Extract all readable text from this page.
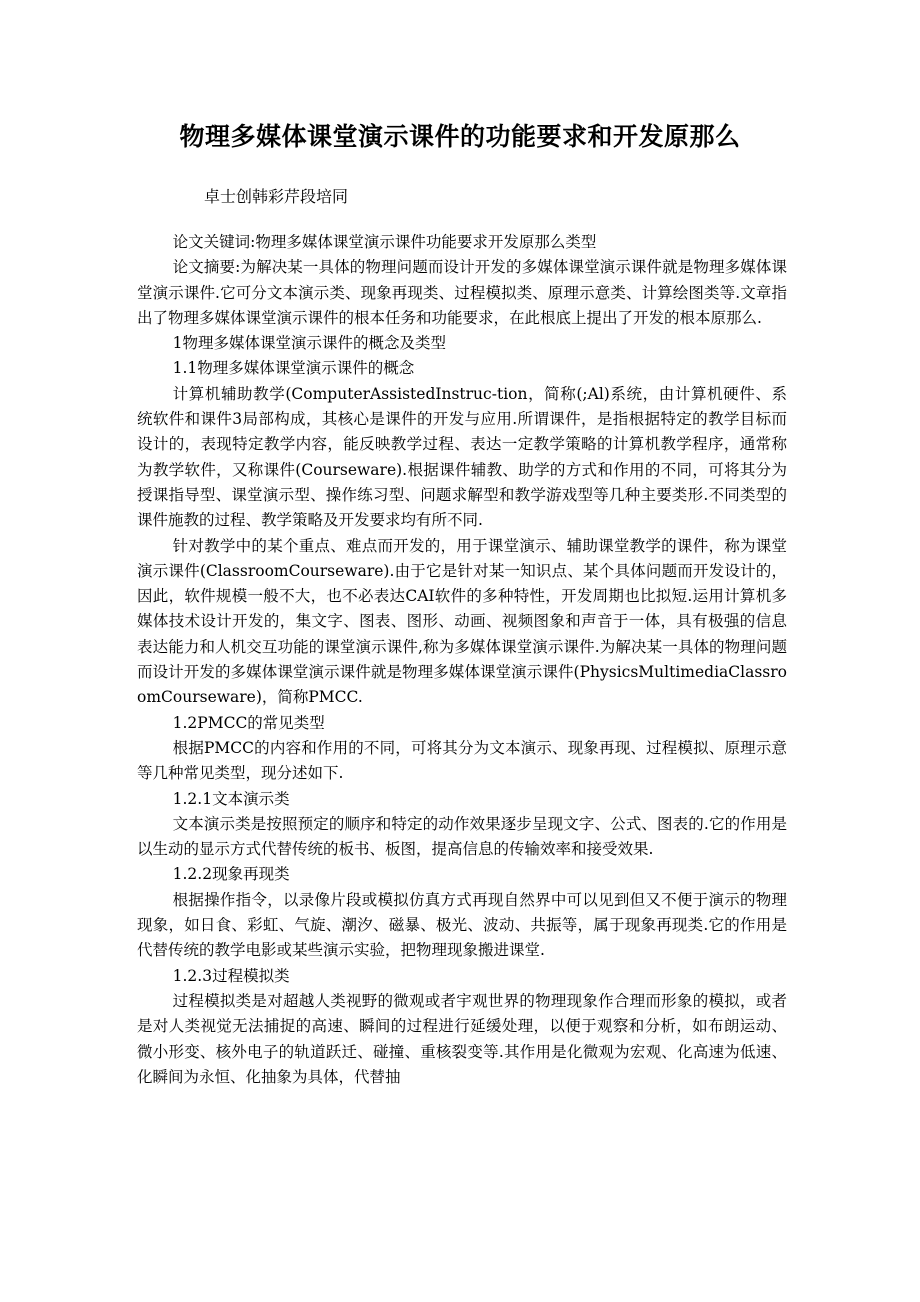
物理多媒体课堂演示课件的功能要求和开发原那么
卓士创韩彩芹段培同

论文关键词:物理多媒体课堂演示课件功能要求开发原那么类型

论文摘要:为解决某一具体的物理问题而设计开发的多媒体课堂演示课件就是物理多媒体课堂演示课件.它可分文本演示类、现象再现类、过程模拟类、原理示意类、计算绘图类等.文章指出了物理多媒体课堂演示课件的根本任务和功能要求，在此根底上提出了开发的根本原那么.

1物理多媒体课堂演示课件的概念及类型

1.1物理多媒体课堂演示课件的概念

计算机辅助教学(ComputerAssistedInstruc-tion，简称(;Al)系统，由计算机硬件、系统软件和课件3局部构成，其核心是课件的开发与应用.所谓课件，是指根据特定的教学目标而设计的，表现特定教学内容，能反映教学过程、表达一定教学策略的计算机教学程序，通常称为教学软件，又称课件(Courseware).根据课件辅教、助学的方式和作用的不同，可将其分为授课指导型、课堂演示型、操作练习型、问题求解型和教学游戏型等几种主要类形.不同类型的课件施教的过程、教学策略及开发要求均有所不同.

针对教学中的某个重点、难点而开发的，用于课堂演示、辅助课堂教学的课件，称为课堂演示课件(ClassroomCourseware).由于它是针对某一知识点、某个具体问题而开发设计的，因此，软件规模一般不大，也不必表达CAI软件的多种特性，开发周期也比拟短.运用计算机多媒体技术设计开发的，集文字、图表、图形、动画、视频图象和声音于一体，具有极强的信息表达能力和人机交互功能的课堂演示课件,称为多媒体课堂演示课件.为解决某一具体的物理问题而设计开发的多媒体课堂演示课件就是物理多媒体课堂演示课件(PhysicsMultimediaClassroomCourseware)，简称PMCC.

1.2PMCC的常见类型

根据PMCC的内容和作用的不同，可将其分为文本演示、现象再现、过程模拟、原理示意等几种常见类型，现分述如下.

1.2.1文本演示类

文本演示类是按照预定的顺序和特定的动作效果逐步呈现文字、公式、图表的.它的作用是以生动的显示方式代替传统的板书、板图，提高信息的传输效率和接受效果.

1.2.2现象再现类

根据操作指令，以录像片段或模拟仿真方式再现自然界中可以见到但又不便于演示的物理现象，如日食、彩虹、气旋、潮汐、磁暴、极光、波动、共振等，属于现象再现类.它的作用是代替传统的教学电影或某些演示实验，把物理现象搬进课堂.

1.2.3过程模拟类

过程模拟类是对超越人类视野的微观或者宇观世界的物理现象作合理而形象的模拟，或者是对人类视觉无法捕捉的高速、瞬间的过程进行延缓处理，以便于观察和分析，如布朗运动、微小形变、核外电子的轨道跃迁、碰撞、重核裂变等.其作用是化微观为宏观、化高速为低速、化瞬间为永恒、化抽象为具体，代替抽
